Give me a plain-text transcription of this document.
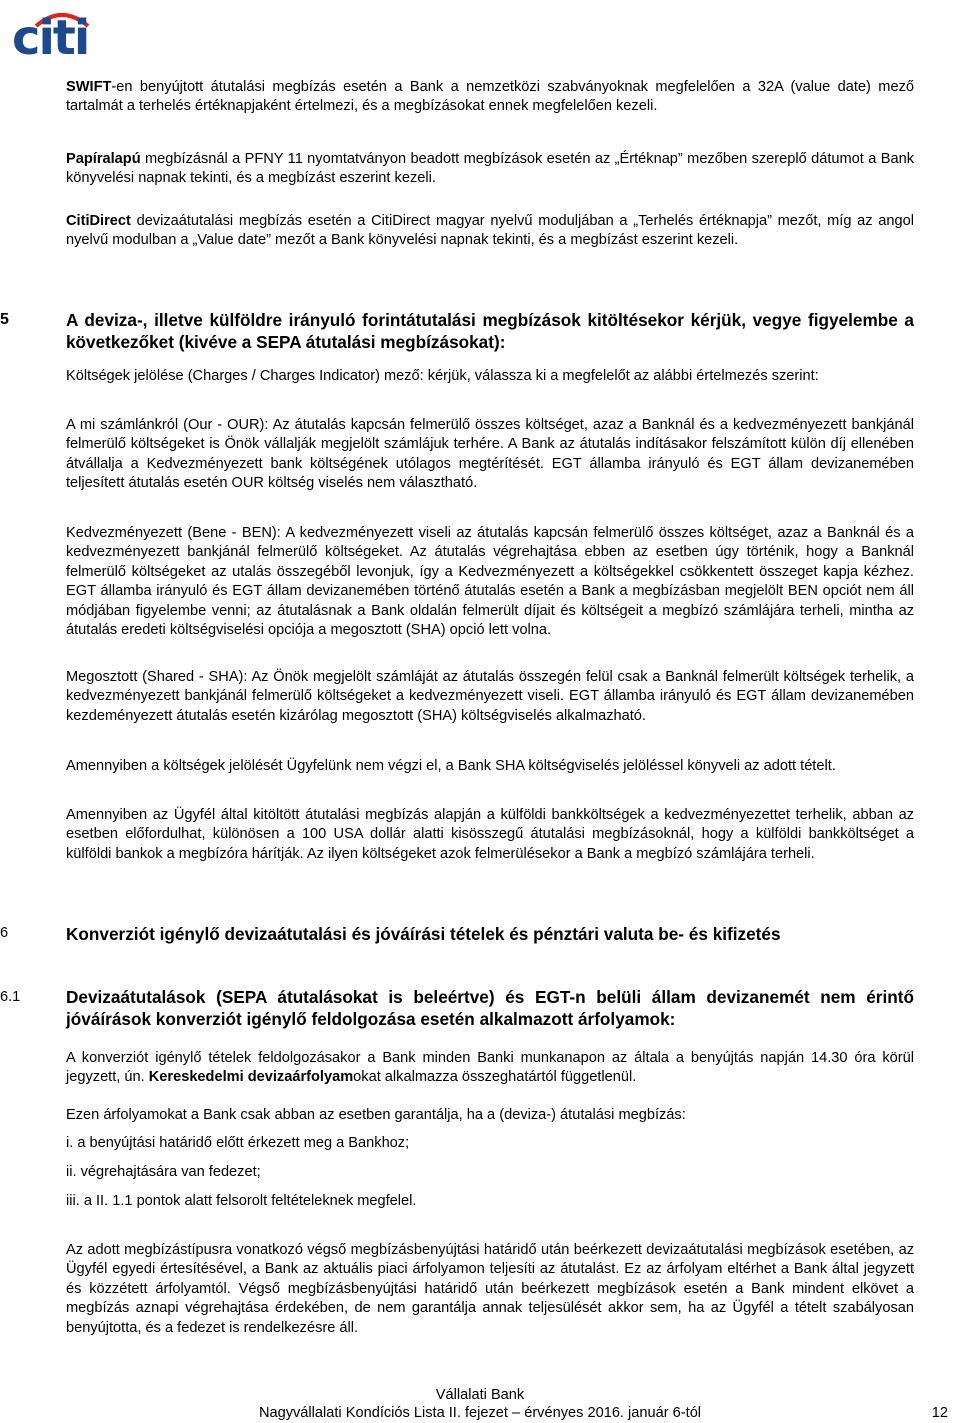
citi

SWIFT-en benyújtott átutalási megbízás esetén a Bank a nemzetközi szabványoknak megfelelően a 32A (value date) mező tartalmát a terhelés értéknapjaként értelmezi, és a megbízásokat ennek megfelelően kezeli.

Papíralapú megbízásnál a PFNY 11 nyomtatványon beadott megbízások esetén az „Értéknap” mezőben szereplő dátumot a Bank könyvelési napnak tekinti, és a megbízást eszerint kezeli.

CitiDirect devizaátutalási megbízás esetén a CitiDirect magyar nyelvű moduljában a „Terhelés értéknapja” mezőt, míg az angol nyelvű modulban a „Value date” mezőt a Bank könyvelési napnak tekinti, és a megbízást eszerint kezeli.

5	A deviza-, illetve külföldre irányuló forintátutalási megbízások kitöltésekor kérjük, vegye figyelembe a következőket (kivéve a SEPA átutalási megbízásokat):

Költségek jelölése (Charges / Charges Indicator) mező: kérjük, válassza ki a megfelelőt az alábbi értelmezés szerint:

A mi számlánkról (Our - OUR): Az átutalás kapcsán felmerülő összes költséget, azaz a Banknál és a kedvezményezett bankjánál felmerülő költségeket is Önök vállalják megjelölt számlájuk terhére. A Bank az átutalás indításakor felszámított külön díj ellenében átvállalja a Kedvezményezett bank költségének utólagos megtérítését. EGT államba irányuló és EGT állam devizanemében teljesített átutalás esetén OUR költség viselés nem választható.

Kedvezményezett (Bene - BEN): A kedvezményezett viseli az átutalás kapcsán felmerülő összes költséget, azaz a Banknál és a kedvezményezett bankjánál felmerülő költségeket. Az átutalás végrehajtása ebben az esetben úgy történik, hogy a Banknál felmerülő költségeket az utalás összegéből levonjuk, így a Kedvezményezett a költségekkel csökkentett összeget kapja kézhez. EGT államba irányuló és EGT állam devizanemében történő átutalás esetén a Bank a megbízásban megjelölt BEN opciót nem áll módjában figyelembe venni; az átutalásnak a Bank oldalán felmerült díjait és költségeit a megbízó számlájára terheli, mintha az átutalás eredeti költségviselési opciója a megosztott (SHA) opció lett volna.

Megosztott (Shared - SHA): Az Önök megjelölt számláját az átutalás összegén felül csak a Banknál felmerült költségek terhelik, a kedvezményezett bankjánál felmerülő költségeket a kedvezményezett viseli. EGT államba irányuló és EGT állam devizanemében kezdeményezett átutalás esetén kizárólag megosztott (SHA) költségviselés alkalmazható.

Amennyiben a költségek jelölését Ügyfelünk nem végzi el, a Bank SHA költségviselés jelöléssel könyveli az adott tételt.

Amennyiben az Ügyfél által kitöltött átutalási megbízás alapján a külföldi bankköltségek a kedvezményezettet terhelik, abban az esetben előfordulhat, különösen a 100 USA dollár alatti kisösszegű átutalási megbízásoknál, hogy a külföldi bankköltséget a külföldi bankok a megbízóra hárítják. Az ilyen költségeket azok felmerülésekor a Bank a megbízó számlájára terheli.

6	Konverziót igénylő devizaátutalási és jóváírási tételek és pénztári valuta be- és kifizetés
6.1	Devizaátutalások (SEPA átutalásokat is beleértve) és EGT-n belüli állam devizanemét nem érintő jóváírások konverziót igénylő feldolgozása esetén alkalmazott árfolyamok:

A konverziót igénylő tételek feldolgozásakor a Bank minden Banki munkanapon az általa a benyújtás napján 14.30 óra körül jegyzett, ún. Kereskedelmi devizaárfolyamokat alkalmazza összeghatártól függetlenül.

Ezen árfolyamokat a Bank csak abban az esetben garantálja, ha a (deviza-) átutalási megbízás:

i. a benyújtási határidő előtt érkezett meg a Bankhoz;

ii. végrehajtására van fedezet;

iii. a II. 1.1 pontok alatt felsorolt feltételeknek megfelel.

Az adott megbízástípusra vonatkozó végső megbízásbenyújtási határidő után beérkezett devizaátutalási megbízások esetében, az Ügyfél egyedi értesítésével, a Bank az aktuális piaci árfolyamon teljesíti az átutalást. Ez az árfolyam eltérhet a Bank által jegyzett és közzétett árfolyamtól. Végső megbízásbenyújtási határidő után beérkezett megbízások esetén a Bank mindent elkövet a megbízás aznapi végrehajtása érdekében, de nem garantálja annak teljesülését akkor sem, ha az Ügyfél a tételt szabályosan benyújtotta, és a fedezet is rendelkezésre áll.

Vállalati Bank
Nagyvállalati Kondíciós Lista II. fejezet – érvényes 2016. január 6-tól	12
